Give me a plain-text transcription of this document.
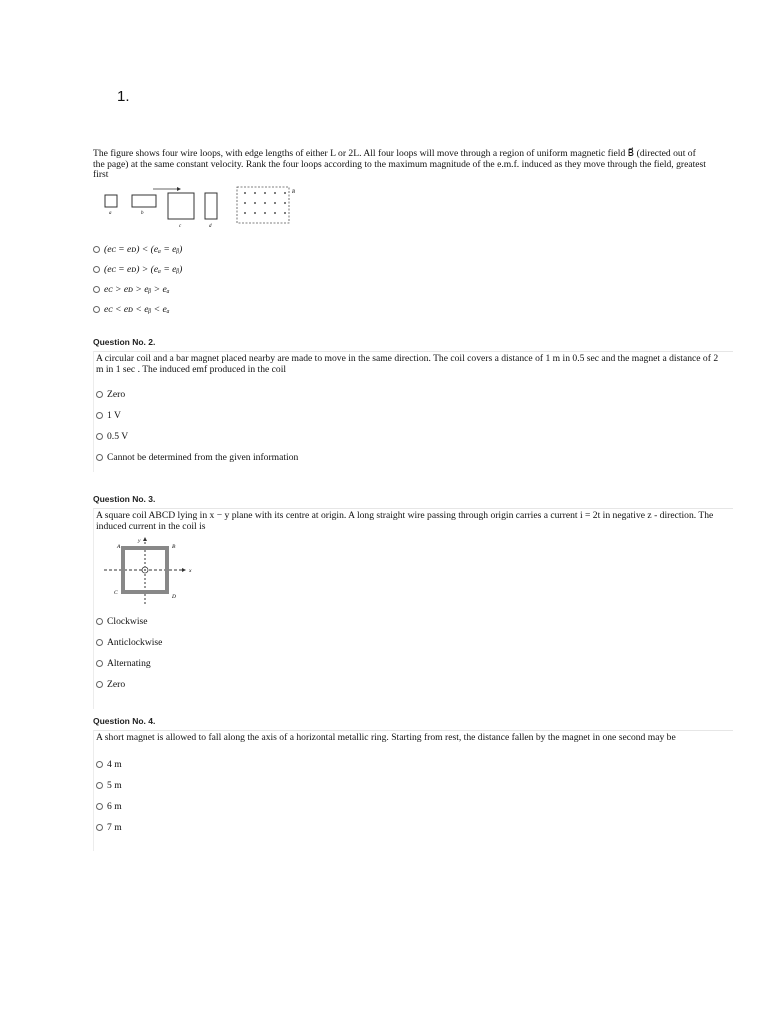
1.
The figure shows four wire loops, with edge lengths of either L or 2L. All four loops will move through a region of uniform magnetic field B⃗ (directed out of the page) at the same constant velocity. Rank the four loops according to the maximum magnitude of the e.m.f. induced as they move through the field, greatest first
a	b
c	d
B
(eᴄ = eᴅ) < (eₐ = eᵦ)
(eᴄ = eᴅ) > (eₐ = eᵦ)
eᴄ > eᴅ > eᵦ > eₐ
eᴄ < eᴅ < eᵦ < eₐ
Question No. 2.
A circular coil and a bar magnet placed nearby are made to move in the same direction. The coil covers a distance of 1 m in 0.5 sec and the magnet a distance of 2 m in 1 sec . The induced emf produced in the coil
Zero
1 V
0.5 V
Cannot be determined from the given information
Question No. 3.
A square coil ABCD lying in x − y plane with its centre at origin. A long straight wire passing through origin carries a current i = 2t in negative z - direction. The induced current in the coil is
y
A	B
x
C
D
Clockwise
Anticlockwise
Alternating
Zero
Question No. 4.
A short magnet is allowed to fall along the axis of a horizontal metallic ring. Starting from rest, the distance fallen by the magnet in one second may be
4 m
5 m
6 m
7 m
